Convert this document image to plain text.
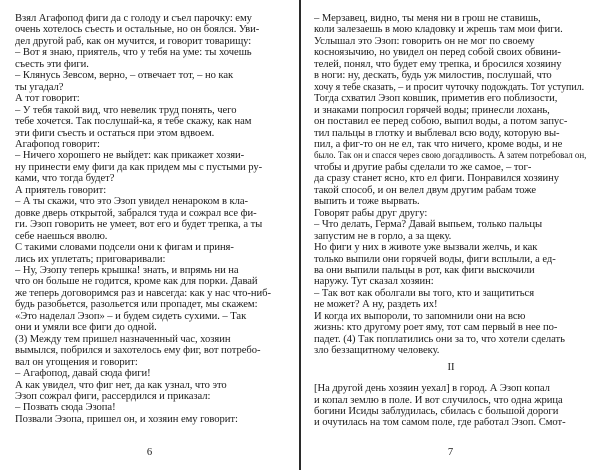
Взял Агафопод фиги да с голоду и съел парочку: ему
очень хотелось съесть и остальные, но он боялся. Уви-
дел другой раб, как он мучится, и говорит товарищу:
– Вот я знаю, приятель, что у тебя на уме: ты хочешь
съесть эти фиги.
– Клянусь Зевсом, верно, – отвечает тот, – но как
ты угадал?
А тот говорит:
– У тебя такой вид, что невелик труд понять, чего
тебе хочется. Так послушай-ка, я тебе скажу, как нам
эти фиги съесть и остаться при этом вдвоем.
Агафопод говорит:
– Ничего хорошего не выйдет: как прикажет хозяи-
ну принести ему фиги да как придем мы с пустыми ру-
ками, что тогда будет?
А приятель говорит:
– А ты скажи, что это Эзоп увидел ненароком в кла-
довке дверь открытой, забрался туда и сожрал все фи-
ги. Эзоп говорить не умеет, вот его и будет трепка, а ты
себе наешься вволю.
С такими словами подсели они к фигам и приня-
лись их уплетать; приговаривали:
– Ну, Эзопу теперь крышка! знать, и впрямь ни на
что он больше не годится, кроме как для порки. Давай
же теперь договоримся раз и навсегда: как у нас что-ниб-
будь разобьется, разольется или пропадет, мы скажем:
«Это наделал Эзоп» – и будем сидеть сухими. – Так
они и умяли все фиги до одной.
(3) Между тем пришел назначенный час, хозяин
вымылся, побрился и захотелось ему фиг, вот потребо-
вал он угощения и говорит:
– Агафопод, давай сюда фиги!
А как увидел, что фиг нет, да как узнал, что это
Эзоп сожрал фиги, рассердился и приказал:
– Позвать сюда Эзопа!
Позвали Эзопа, пришел он, и хозяин ему говорит:
6
– Мерзавец, видно, ты меня ни в грош не ставишь,
коли залезаешь в мою кладовку и жрешь там мои фиги.
Услышал это Эзоп: говорить он не мог по своему
косноязычию, но увидел он перед собой своих обвини-
телей, понял, что будет ему трепка, и бросился хозяину
в ноги: ну, дескать, будь уж милостив, послушай, что
хочу я тебе сказать, – и просит чуточку подождать. Тот уступил.
Тогда схватил Эзоп ковшик, приметив его поблизости,
и знаками попросил горячей воды; принесли лохань,
он поставил ее перед собою, выпил воды, а потом запус-
тил пальцы в глотку и выблевал всю воду, которую вы-
пил, а фиг-то он не ел, так что ничего, кроме воды, и не
было. Так он и спасся через свою догадливость. А затем потребовал он,
чтобы и другие рабы сделали то же самое, – тог-
да сразу станет ясно, кто ел фиги. Понравился хозяину
такой способ, и он велел двум другим рабам тоже
выпить и тоже вырвать.
Говорят рабы друг другу:
– Что делать, Герма? Давай выпьем, только пальцы
запустим не в горло, а за щеку.
Но фиги у них в животе уже вызвали желчь, и как
только выпили они горячей воды, фиги всплыли, а ед-
ва они выпили пальцы в рот, как фиги выскочили
наружу. Тут сказал хозяин:
– Так вот как оболгали вы того, кто и защититься
не может? А ну, раздеть их!
И когда их выпороли, то запомнили они на всю
жизнь: кто другому роет яму, тот сам первый в нее по-
падет. (4) Так поплатились они за то, что хотели сделать
зло беззащитному человеку.
II
[На другой день хозяин уехал] в город. А Эзоп копал
и копал землю в поле. И вот случилось, что одна жрица
богини Исиды заблудилась, сбилась с большой дороги
и очутилась на том самом поле, где работал Эзоп. Смот-
7
